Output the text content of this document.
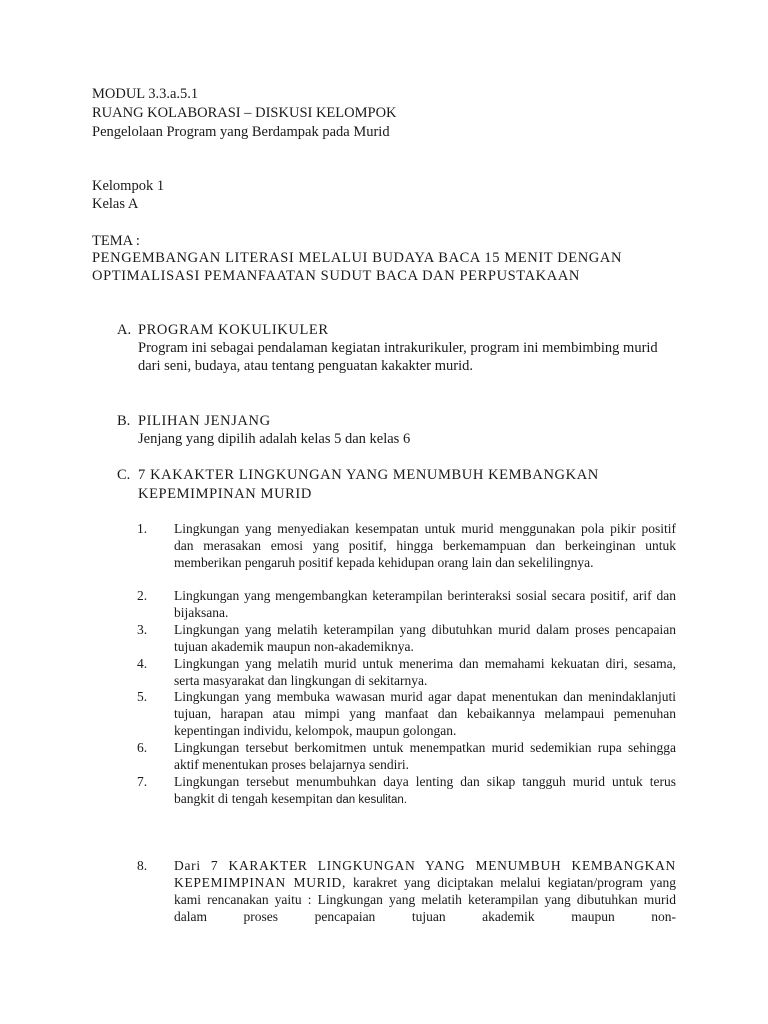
MODUL 3.3.a.5.1
RUANG KOLABORASI – DISKUSI KELOMPOK
Pengelolaan Program yang Berdampak pada Murid
Kelompok 1
Kelas A
TEMA :
PENGEMBANGAN LITERASI MELALUI BUDAYA BACA 15 MENIT DENGAN
OPTIMALISASI PEMANFAATAN SUDUT BACA DAN PERPUSTAKAAN
A. PROGRAM KOKULIKULER
Program ini sebagai pendalaman kegiatan intrakurikuler, program ini membimbing murid dari seni, budaya, atau tentang penguatan kakakter murid.
B. PILIHAN JENJANG
Jenjang yang dipilih adalah kelas 5 dan kelas 6
C. 7 KAKAKTER LINGKUNGAN YANG MENUMBUH KEMBANGKAN
KEPEMIMPINAN MURID
1. Lingkungan yang menyediakan kesempatan untuk murid menggunakan pola pikir positif dan merasakan emosi yang positif, hingga berkemampuan dan berkeinginan untuk memberikan pengaruh positif kepada kehidupan orang lain dan sekelilingnya.
2. Lingkungan yang mengembangkan keterampilan berinteraksi sosial secara positif, arif dan bijaksana.
3. Lingkungan yang melatih keterampilan yang dibutuhkan murid dalam proses pencapaian tujuan akademik maupun non-akademiknya.
4. Lingkungan yang melatih murid untuk menerima dan memahami kekuatan diri, sesama, serta masyarakat dan lingkungan di sekitarnya.
5. Lingkungan yang membuka wawasan murid agar dapat menentukan dan menindaklanjuti tujuan, harapan atau mimpi yang manfaat dan kebaikannya melampaui pemenuhan kepentingan individu, kelompok, maupun golongan.
6. Lingkungan tersebut berkomitmen untuk menempatkan murid sedemikian rupa sehingga aktif menentukan proses belajarnya sendiri.
7. Lingkungan tersebut menumbuhkan daya lenting dan sikap tangguh murid untuk terus bangkit di tengah kesempitan dan kesulitan.
8. Dari 7 KARAKTER LINGKUNGAN YANG MENUMBUH KEMBANGKAN KEPEMIMPINAN MURID, karakret yang diciptakan melalui kegiatan/program yang kami rencanakan yaitu : Lingkungan yang melatih keterampilan yang dibutuhkan murid dalam proses pencapaian tujuan akademik maupun non-
